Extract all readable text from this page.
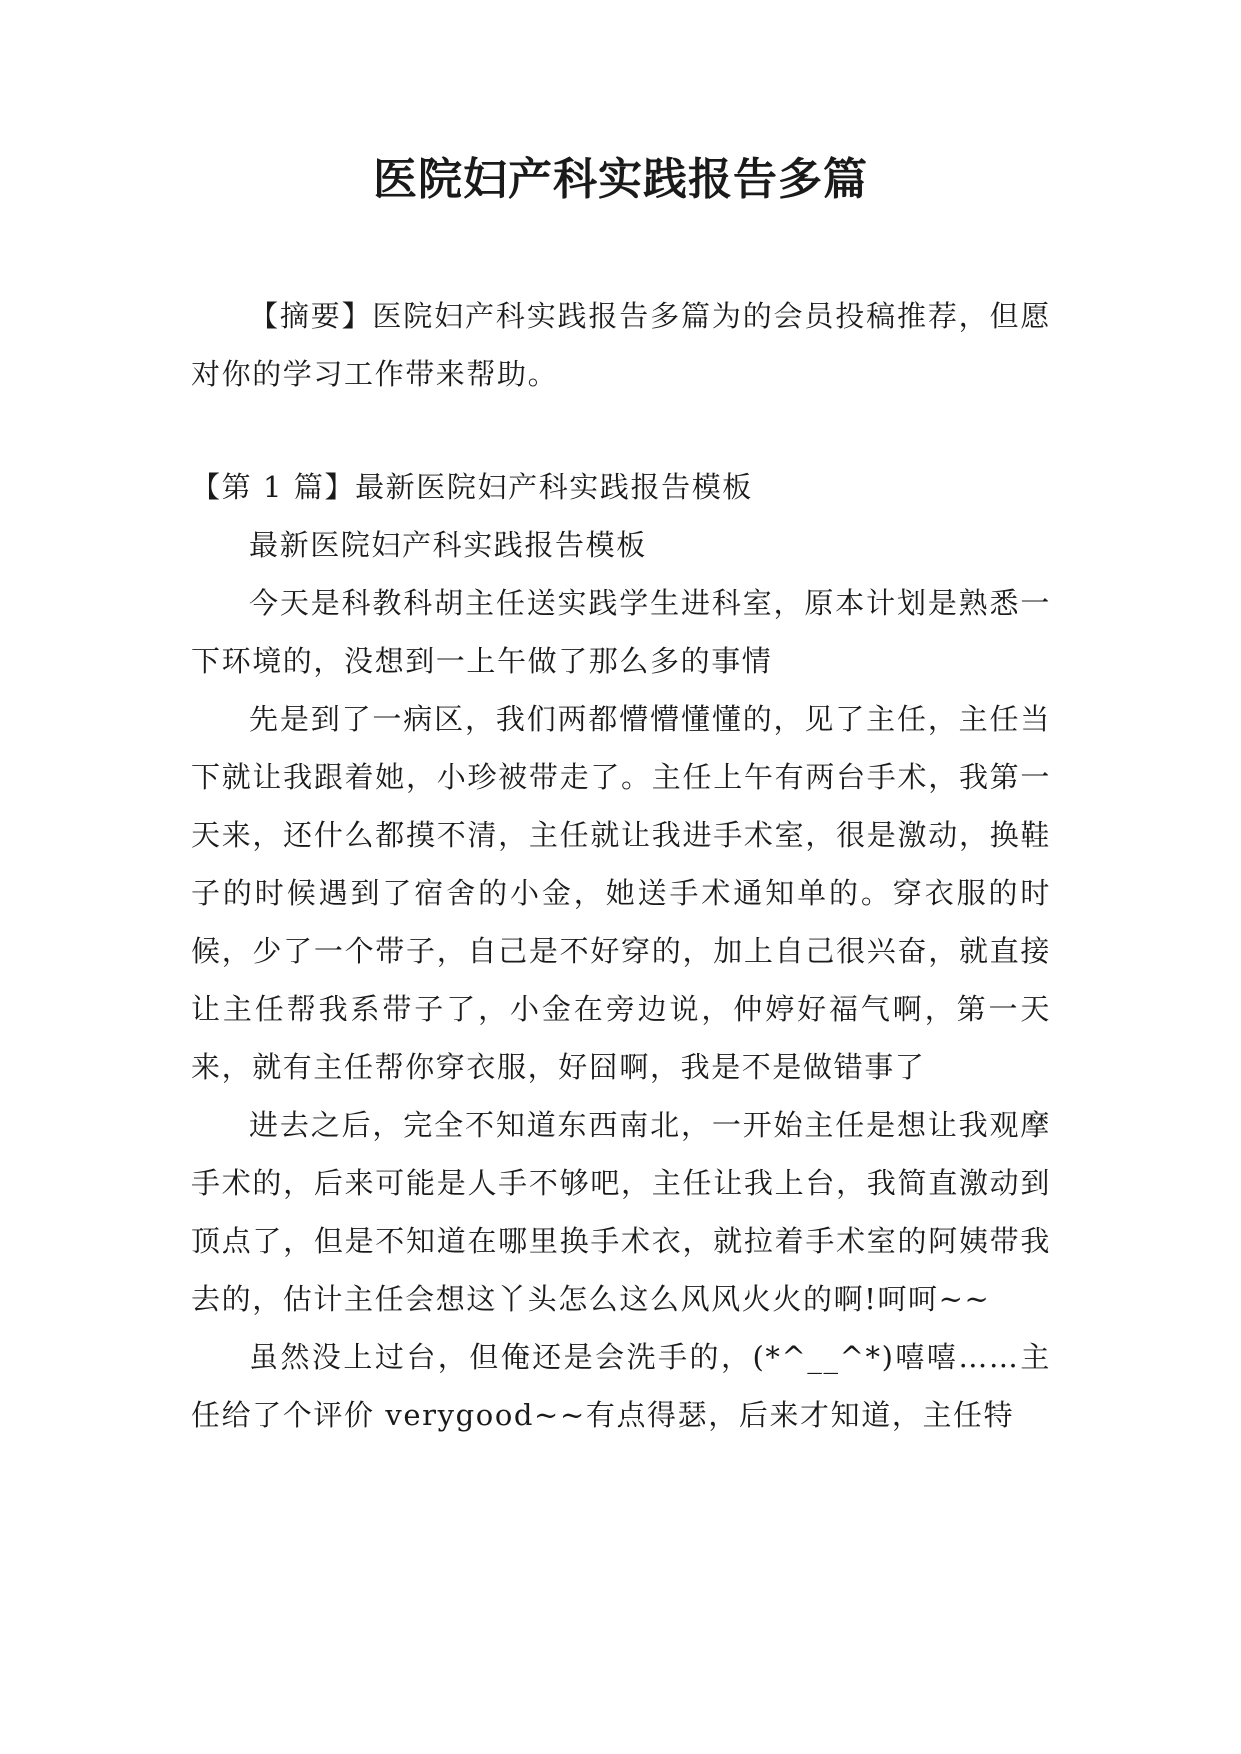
医院妇产科实践报告多篇

【摘要】医院妇产科实践报告多篇为的会员投稿推荐，但愿对你的学习工作带来帮助。

【第 1 篇】最新医院妇产科实践报告模板

最新医院妇产科实践报告模板

今天是科教科胡主任送实践学生进科室，原本计划是熟悉一下环境的，没想到一上午做了那么多的事情

先是到了一病区，我们两都懵懵懂懂的，见了主任，主任当下就让我跟着她，小珍被带走了。主任上午有两台手术，我第一天来，还什么都摸不清，主任就让我进手术室，很是激动，换鞋子的时候遇到了宿舍的小金，她送手术通知单的。穿衣服的时候，少了一个带子，自己是不好穿的，加上自己很兴奋，就直接让主任帮我系带子了，小金在旁边说，仲婷好福气啊，第一天来，就有主任帮你穿衣服，好囧啊，我是不是做错事了

进去之后，完全不知道东西南北，一开始主任是想让我观摩手术的，后来可能是人手不够吧，主任让我上台，我简直激动到顶点了，但是不知道在哪里换手术衣，就拉着手术室的阿姨带我去的，估计主任会想这丫头怎么这么风风火火的啊!呵呵~~

虽然没上过台，但俺还是会洗手的，(*^__^*)嘻嘻……主任给了个评价 verygood~~有点得瑟，后来才知道，主任特
